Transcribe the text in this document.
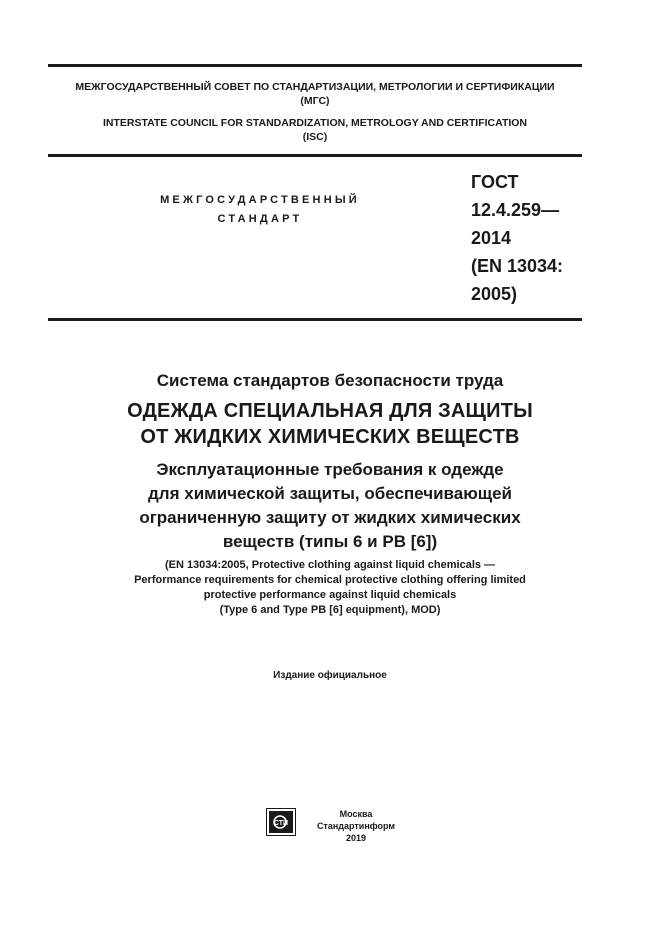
МЕЖГОСУДАРСТВЕННЫЙ СОВЕТ ПО СТАНДАРТИЗАЦИИ, МЕТРОЛОГИИ И СЕРТИФИКАЦИИ
(МГС)
INTERSTATE COUNCIL FOR STANDARDIZATION, METROLOGY AND CERTIFICATION
(ISC)
МЕЖГОСУДАРСТВЕННЫЙ
СТАНДАРТ
ГОСТ
12.4.259—
2014
(EN 13034:
2005)
Система стандартов безопасности труда
ОДЕЖДА СПЕЦИАЛЬНАЯ ДЛЯ ЗАЩИТЫ
ОТ ЖИДКИХ ХИМИЧЕСКИХ ВЕЩЕСТВ
Эксплуатационные требования к одежде
для химической защиты, обеспечивающей
ограниченную защиту от жидких химических
веществ (типы 6 и PB [6])
(EN 13034:2005, Protective clothing against liquid chemicals —
Performance requirements for chemical protective clothing offering limited
protective performance against liquid chemicals
(Type 6 and Type PB [6] equipment), MOD)
Издание официальное
СТИ
Москва
Стандартинформ
2019
